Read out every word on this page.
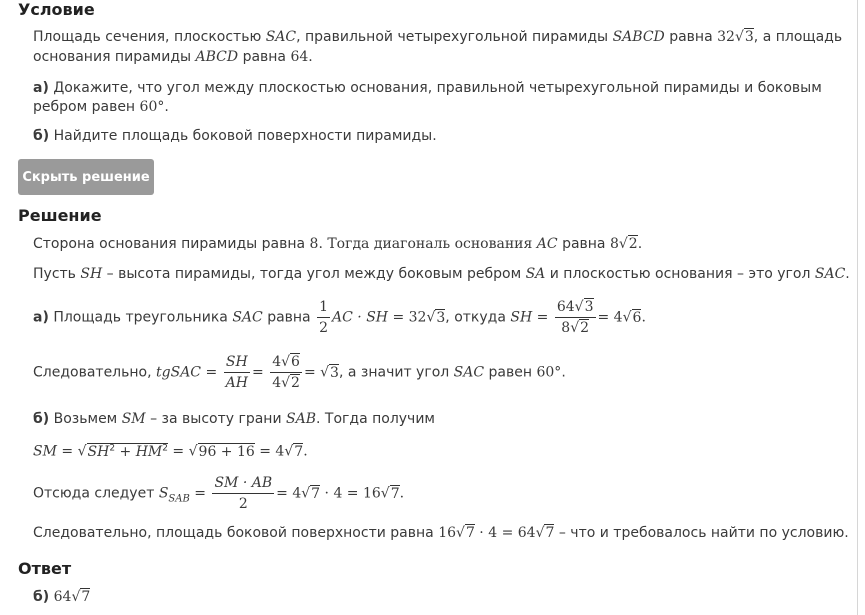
Условие
Площадь сечения, плоскостью SAC, правильной четырехугольной пирамиды SABCD равна 32√3, а площадь
основания пирамиды ABCD равна 64.
а) Докажите, что угол между плоскостью основания, правильной четырехугольной пирамиды и боковым
ребром равен 60°.
б) Найдите площадь боковой поверхности пирамиды.
Скрыть решение
Решение
Сторона основания пирамиды равна 8. Тогда диагональ основания AC равна 8√2.
Пусть SH – высота пирамиды, тогда угол между боковым ребром SA и плоскостью основания – это угол SAC.
а) Площадь треугольника SAC равна $\frac{1}{2}$ AC · SH = 32√3, откуда SH = $\frac{64√3}{8√2} = 4√6$.
Следовательно, tgSAC = $\frac{SH}{AH} = \frac{4√6}{4√2} = √3$, а значит угол SAC равен 60°.
б) Возьмем SM – за высоту грани SAB. Тогда получим
SM = $√SH^2 + HM^2 = √96 + 16 = 4√7$.
Отсюда следует $S_{SAB} = \frac{SM \cdot AB}{2} = 4√7 \cdot 4 = 16√7$.
Следовательно, площадь боковой поверхности равна 16√7 · 4 = 64√7 – что и требовалось найти по условию.
Ответ
б) 64√7
